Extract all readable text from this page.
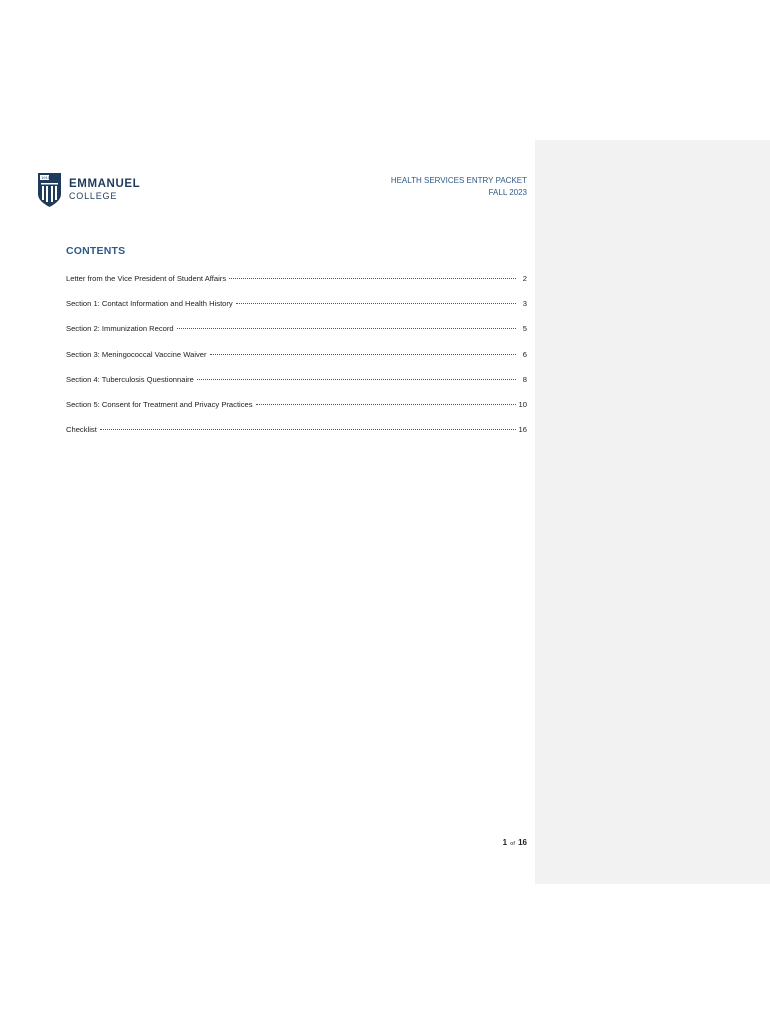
1919
EMMANUEL
COLLEGE
HEALTH SERVICES ENTRY PACKET
FALL 2023
CONTENTS
Letter from the Vice President of Student Affairs	2
Section 1: Contact Information and Health History	3
Section 2: Immunization Record	5
Section 3: Meningococcal Vaccine Waiver	6
Section 4: Tuberculosis Questionnaire	8
Section 5: Consent for Treatment and Privacy Practices	10
Checklist	16
1 of 16
